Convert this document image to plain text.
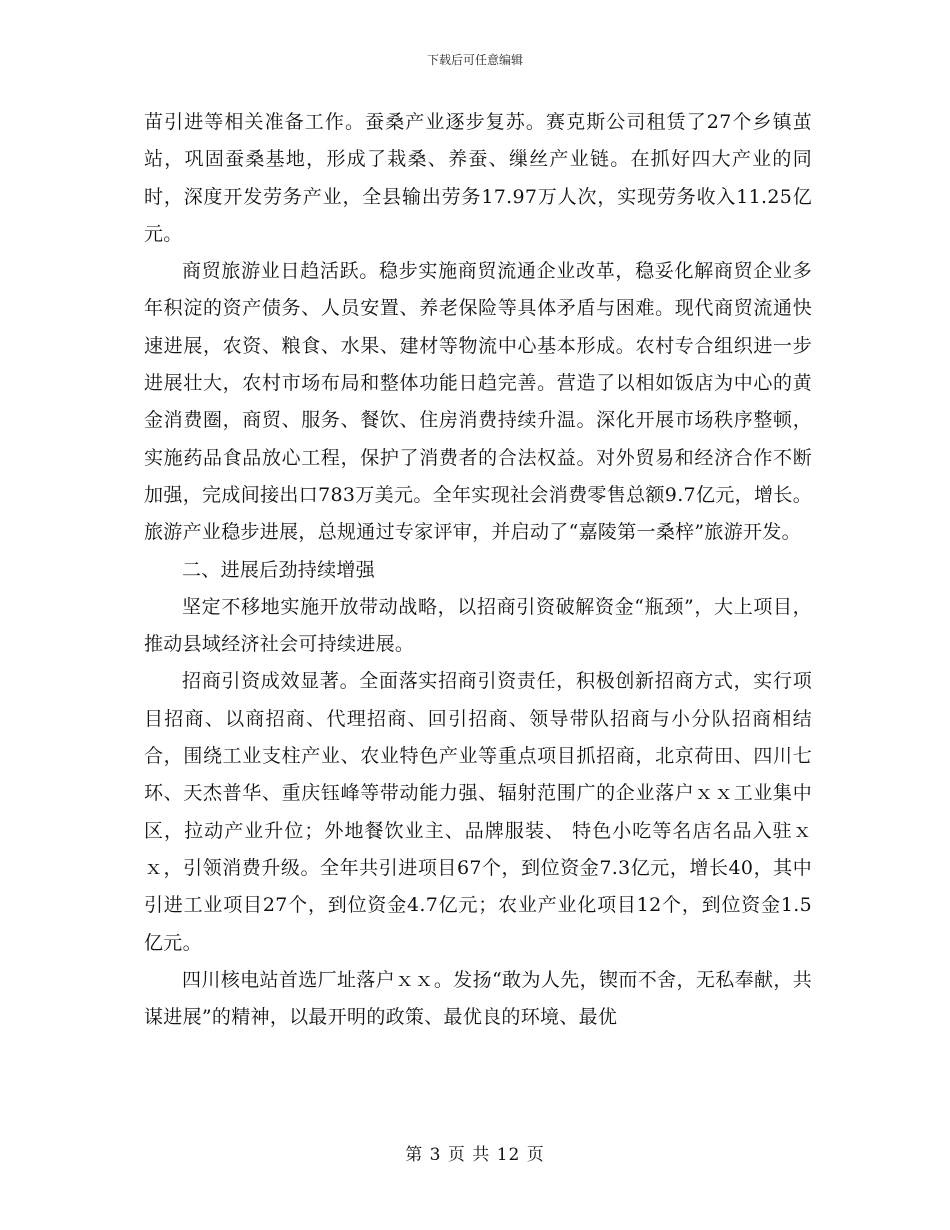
下载后可任意编辑

苗引进等相关准备工作。蚕桑产业逐步复苏。赛克斯公司租赁了27个乡镇茧站，巩固蚕桑基地，形成了栽桑、养蚕、缫丝产业链。在抓好四大产业的同时，深度开发劳务产业，全县输出劳务17.97万人次，实现劳务收入11.25亿元。

商贸旅游业日趋活跃。稳步实施商贸流通企业改革，稳妥化解商贸企业多年积淀的资产债务、人员安置、养老保险等具体矛盾与困难。现代商贸流通快速进展，农资、粮食、水果、建材等物流中心基本形成。农村专合组织进一步进展壮大，农村市场布局和整体功能日趋完善。营造了以相如饭店为中心的黄金消费圈，商贸、服务、餐饮、住房消费持续升温。深化开展市场秩序整顿，实施药品食品放心工程，保护了消费者的合法权益。对外贸易和经济合作不断加强，完成间接出口783万美元。全年实现社会消费零售总额9.7亿元，增长。旅游产业稳步进展，总规通过专家评审，并启动了“嘉陵第一桑梓”旅游开发。

二、进展后劲持续增强

坚定不移地实施开放带动战略，以招商引资破解资金“瓶颈”，大上项目，推动县域经济社会可持续进展。

招商引资成效显著。全面落实招商引资责任，积极创新招商方式，实行项目招商、以商招商、代理招商、回引招商、领导带队招商与小分队招商相结合，围绕工业支柱产业、农业特色产业等重点项目抓招商，北京荷田、四川七环、天杰普华、重庆钰峰等带动能力强、辐射范围广的企业落户ｘｘ工业集中区，拉动产业升位；外地餐饮业主、品牌服装、 特色小吃等名店名品入驻ｘｘ，引领消费升级。全年共引进项目67个，到位资金7.3亿元，增长40，其中引进工业项目27个，到位资金4.7亿元；农业产业化项目12个，到位资金1.5亿元。

四川核电站首选厂址落户ｘｘ。发扬“敢为人先，锲而不舍，无私奉献，共谋进展”的精神，以最开明的政策、最优良的环境、最优

第 3 页 共 12 页
